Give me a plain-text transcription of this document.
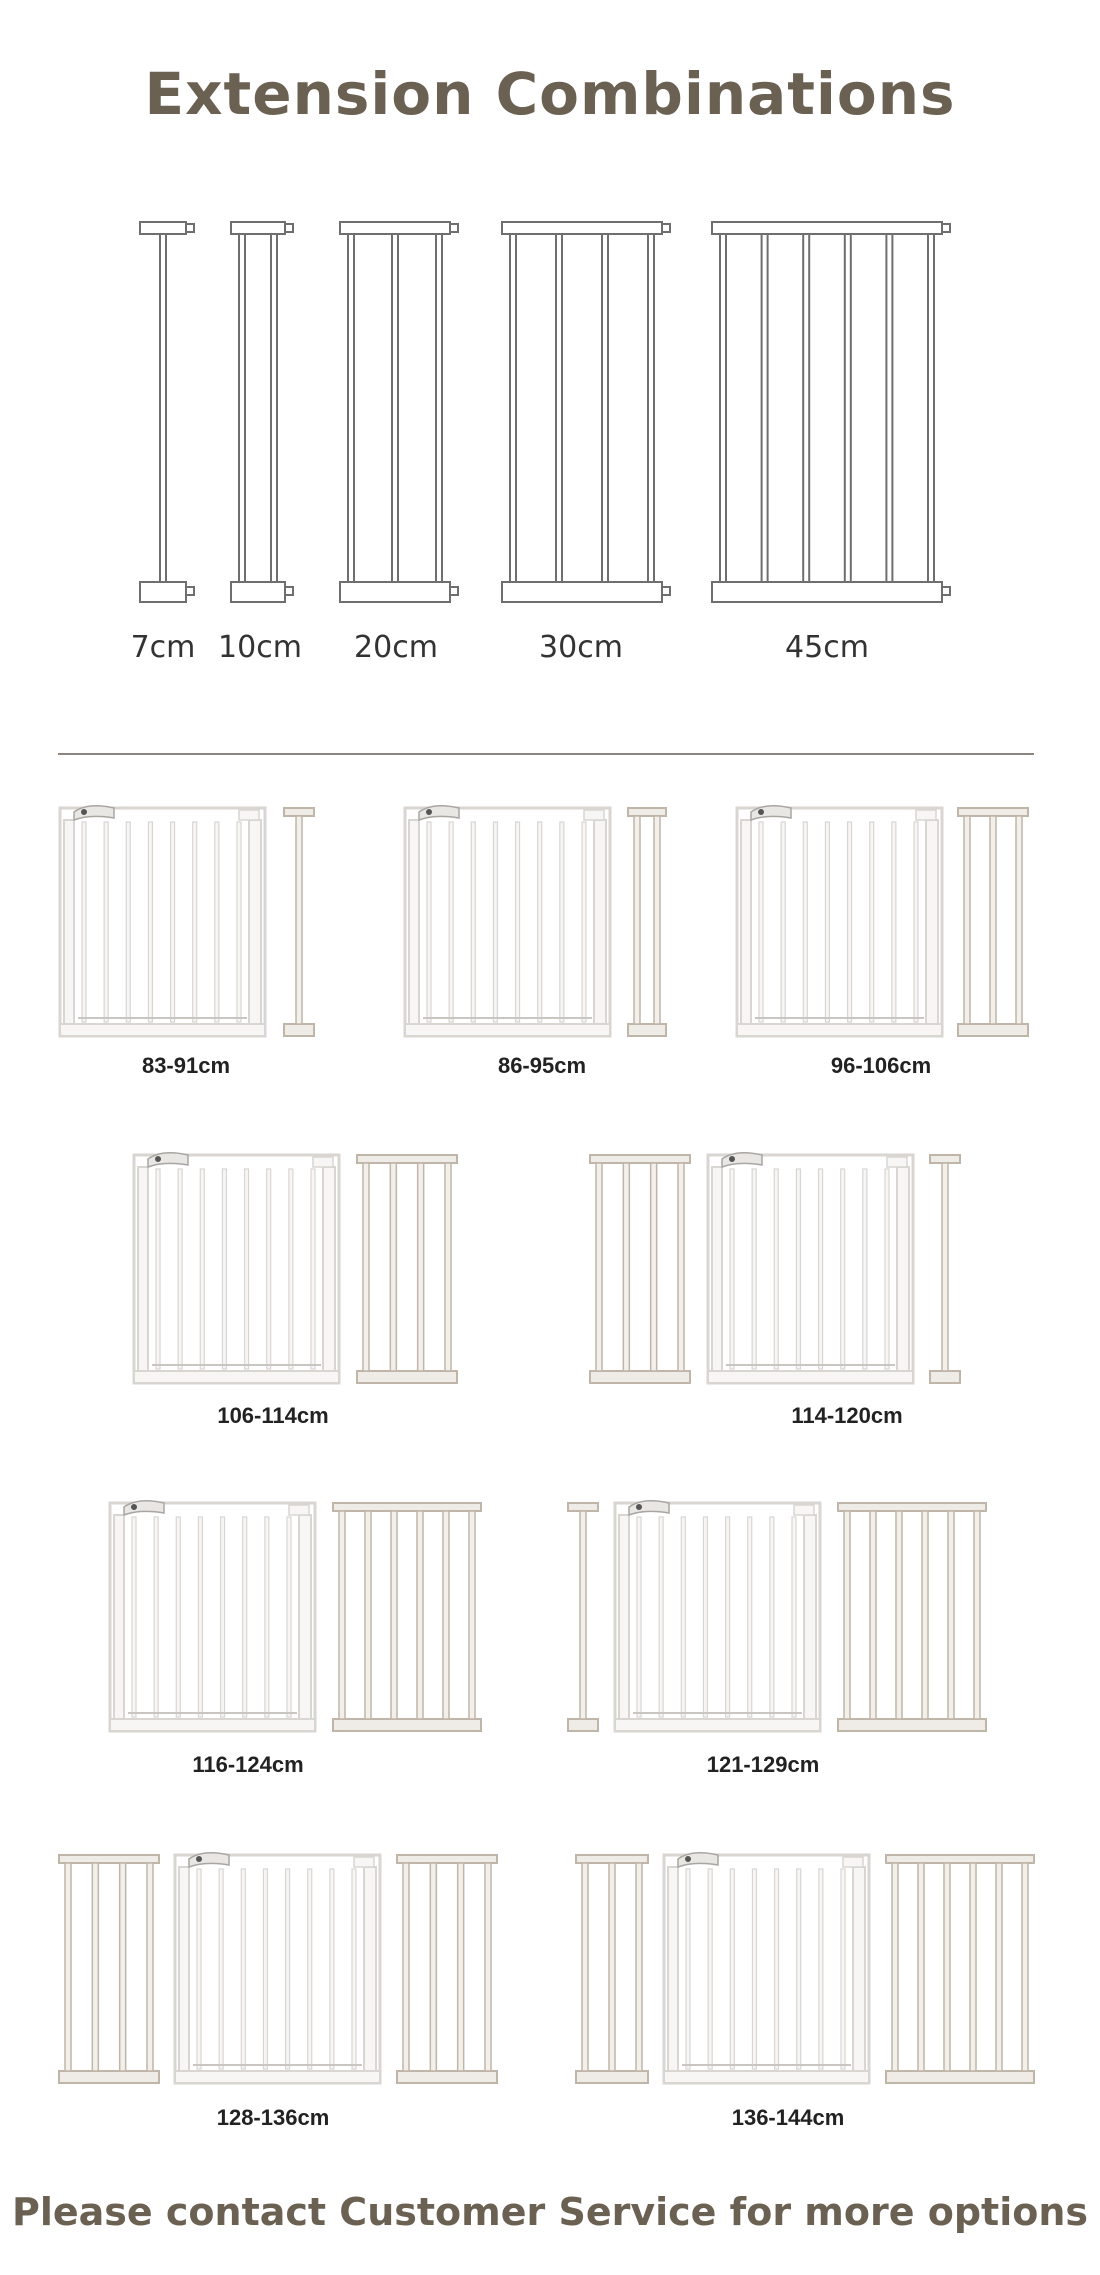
Extension Combinations
7cm 10cm 20cm	30cm	45cm
83-91cm	86-95cm	96-106cm
106-114cm	114-120cm
116-124cm	121-129cm
128-136cm	136-144cm

Please contact Customer Service for more options
